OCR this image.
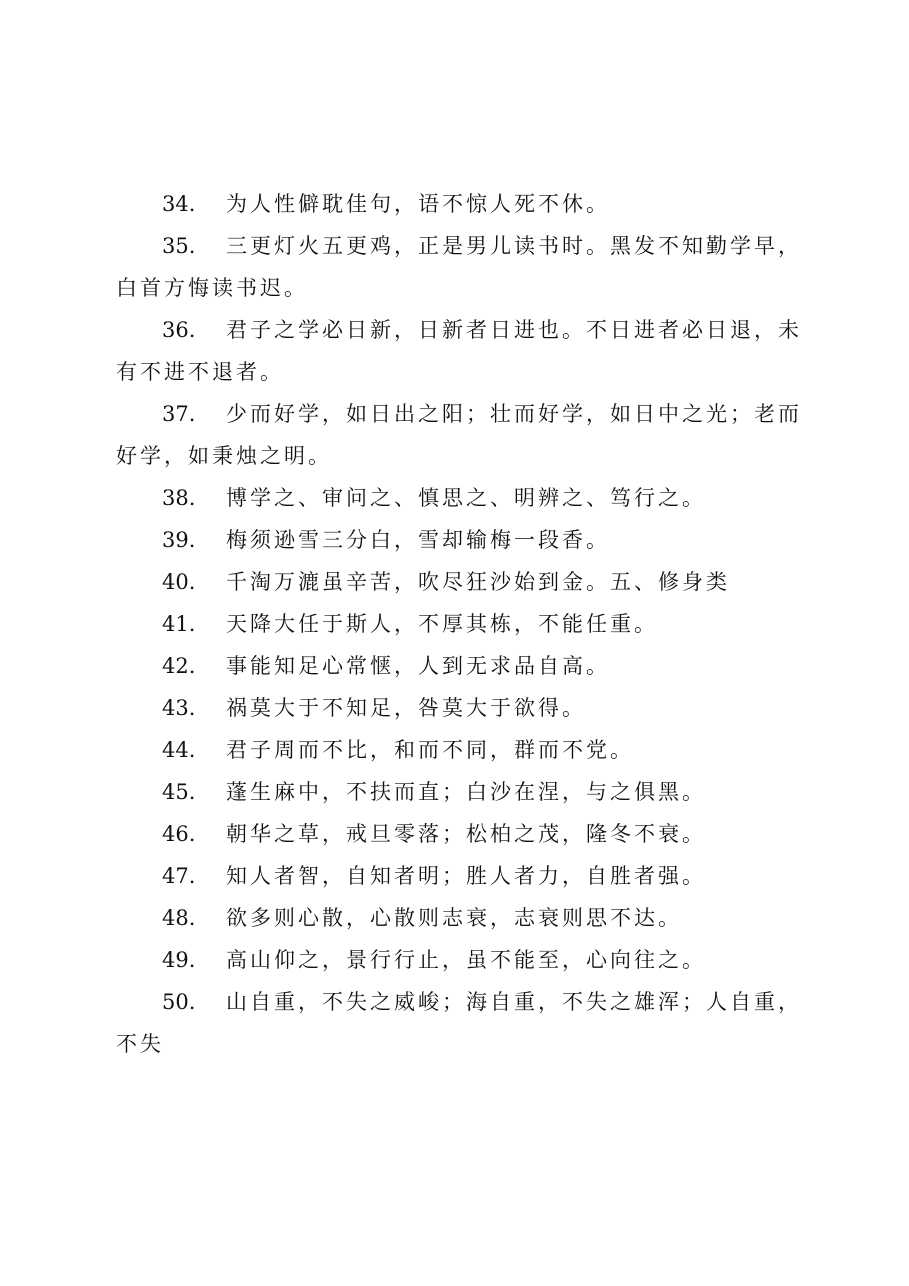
34. 为人性僻耽佳句，语不惊人死不休。

35. 三更灯火五更鸡，正是男儿读书时。黑发不知勤学早，白首方悔读书迟。

36. 君子之学必日新，日新者日进也。不日进者必日退，未有不进不退者。

37. 少而好学，如日出之阳；壮而好学，如日中之光；老而好学，如秉烛之明。

38. 博学之、审问之、慎思之、明辨之、笃行之。

39. 梅须逊雪三分白，雪却输梅一段香。

40. 千淘万漉虽辛苦，吹尽狂沙始到金。五、修身类

41. 天降大任于斯人，不厚其栋，不能任重。

42. 事能知足心常惬，人到无求品自高。

43. 祸莫大于不知足，咎莫大于欲得。

44. 君子周而不比，和而不同，群而不党。

45. 蓬生麻中，不扶而直；白沙在涅，与之俱黑。

46. 朝华之草，戒旦零落；松柏之茂，隆冬不衰。

47. 知人者智，自知者明；胜人者力，自胜者强。

48. 欲多则心散，心散则志衰，志衰则思不达。

49. 高山仰之，景行行止，虽不能至，心向往之。

50. 山自重，不失之威峻；海自重，不失之雄浑；人自重，不失
